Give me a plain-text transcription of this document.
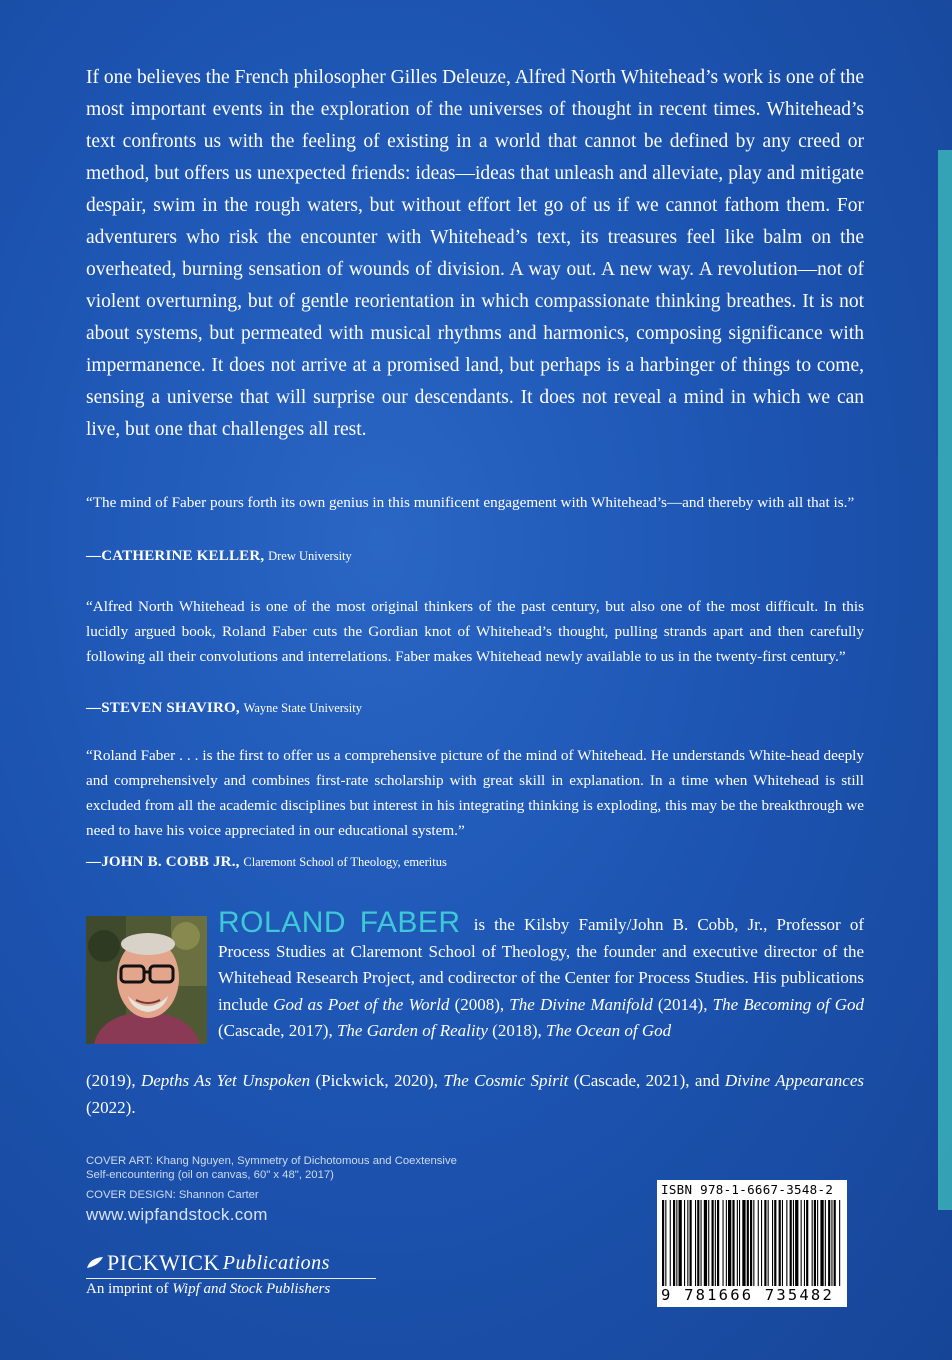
If one believes the French philosopher Gilles Deleuze, Alfred North Whitehead’s work is one of the most important events in the exploration of the universes of thought in recent times. Whitehead’s text confronts us with the feeling of existing in a world that cannot be defined by any creed or method, but offers us unexpected friends: ideas—ideas that unleash and alleviate, play and mitigate despair, swim in the rough waters, but without effort let go of us if we cannot fathom them. For adventurers who risk the encounter with Whitehead’s text, its treasures feel like balm on the overheated, burning sensation of wounds of division. A way out. A new way. A revolution—not of violent overturning, but of gentle reorientation in which compassionate thinking breathes. It is not about systems, but permeated with musical rhythms and harmonics, composing significance with impermanence. It does not arrive at a promised land, but perhaps is a harbinger of things to come, sensing a universe that will surprise our descendants. It does not reveal a mind in which we can live, but one that challenges all rest.

“The mind of Faber pours forth its own genius in this munificent engagement with Whitehead’s—and thereby with all that is.”

—CATHERINE KELLER, Drew University

“Alfred North Whitehead is one of the most original thinkers of the past century, but also one of the most difficult. In this lucidly argued book, Roland Faber cuts the Gordian knot of Whitehead’s thought, pulling strands apart and then carefully following all their convolutions and interrelations. Faber makes Whitehead newly available to us in the twenty-first century.”

—STEVEN SHAVIRO, Wayne State University

“Roland Faber . . . is the first to offer us a comprehensive picture of the mind of Whitehead. He understands White-head deeply and comprehensively and combines first-rate scholarship with great skill in explanation. In a time when Whitehead is still excluded from all the academic disciplines but interest in his integrating thinking is exploding, this may be the breakthrough we need to have his voice appreciated in our educational system.”

—JOHN B. COBB JR., Claremont School of Theology, emeritus

ROLAND FABER is the Kilsby Family/John B. Cobb, Jr., Professor of Process Studies at Claremont School of Theology, the founder and executive director of the Whitehead Research Project, and codirector of the Center for Process Studies. His publications include God as Poet of the World (2008), The Divine Manifold (2014), The Becoming of God (Cascade, 2017), The Garden of Reality (2018), The Ocean of God

(2019), Depths As Yet Unspoken (Pickwick, 2020), The Cosmic Spirit (Cascade, 2021), and Divine Appearances (2022).

COVER ART: Khang Nguyen, Symmetry of Dichotomous and Coextensive
Self-encountering (oil on canvas, 60" x 48", 2017)
COVER DESIGN: Shannon Carter
www.wipfandstock.com
PICKWICK Publications
An imprint of Wipf and Stock Publishers
ISBN 978-1-6667-3548-2
9 781666 735482
